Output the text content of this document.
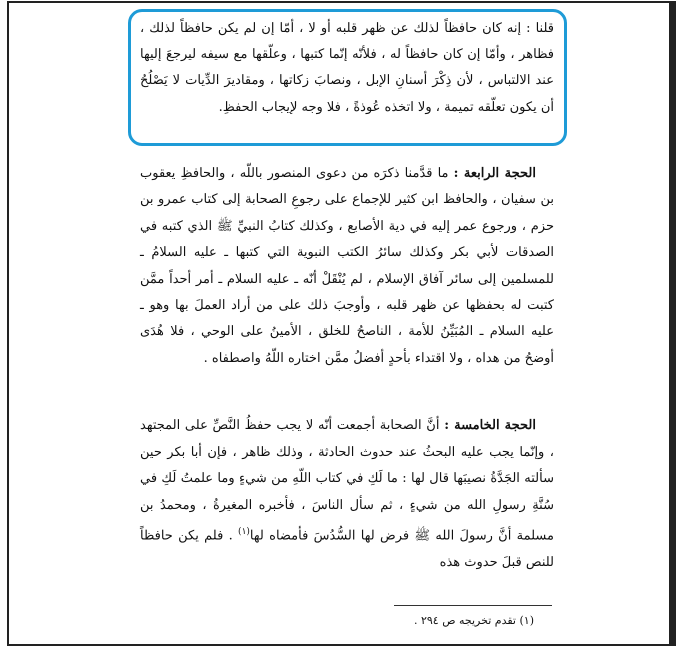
قلنا : إنه كان حافظاً لذلك عن ظهر قلبه أو لا ، أمّا إن لم يكن حافظاً لذلك ، فظاهر ، وأمّا إن كان حافظاً له ، فلأنّه إنّما كتبها ، وعلّقها مع سيفه ليرجعَ إليها عند الالتباس ، لأن ذِكْرَ أسنانِ الإبل ، ونصابَ زكاتها ، ومقاديرَ الدِّيات لا يَصْلُحُ أن يكون تعلّقه تميمة ، ولا اتخذه عُوذةً ، فلا وجه لإيجاب الحفظِ.

الحجة الرابعة : ما قدَّمنا ذكرَه من دعوى المنصور باللّه ، والحافظِ يعقوب بن سفيان ، والحافظ ابن كثير للإجماع على رجوعِ الصحابة إلى كتاب عمرو بن حزم ، ورجوع عمر إليه في دية الأصابع ، وكذلك كتابُ النبيِّ ﷺ الذي كتبه في الصدقات لأبي بكر وكذلك سائرُ الكتب النبوية التي كتبها ـ عليه السلامُ ـ للمسلمين إلى سائر آفاق الإسلام ، لم يُنْقَلْ أنّه ـ عليه السلام ـ أمر أحداً ممَّن كتبت له بحفظها عن ظهر قلبه ، وأوجبَ ذلك على من أراد العملَ بها وهو ـ عليه السلام ـ المُبَيِّنُ للأمة ، الناصحُ للخلق ، الأمينُ على الوحي ، فلا هُدَى أوضحُ من هداه ، ولا اقتداء بأحدٍ أفضلُ ممَّن اختاره اللّهُ واصطفاه .

الحجة الخامسة : أنَّ الصحابة أجمعت أنّه لا يجب حفظُ النَّصِّ على المجتهد ، وإنّما يجب عليه البحثُ عند حدوث الحادثة ، وذلك ظاهر ، فإن أبا بكر حين سألته الجَدَّةُ نصيبَها قال لها : ما لَكِ في كتاب اللّهِ من شيءٍ وما علمتُ لَكِ في سُنَّةِ رسولِ الله من شيءٍ ، ثم سأل الناسَ ، فأخبره المغيرةُ ، ومحمدُ بن مسلمة أنَّ رسولَ الله ﷺ فرض لها السُّدُسَ فأمضاه لها$^{(١)}$ . فلم يكن حافظاً للنص قبلَ حدوث هذه

(١) تقدم تخريجه ص ٢٩٤ .
